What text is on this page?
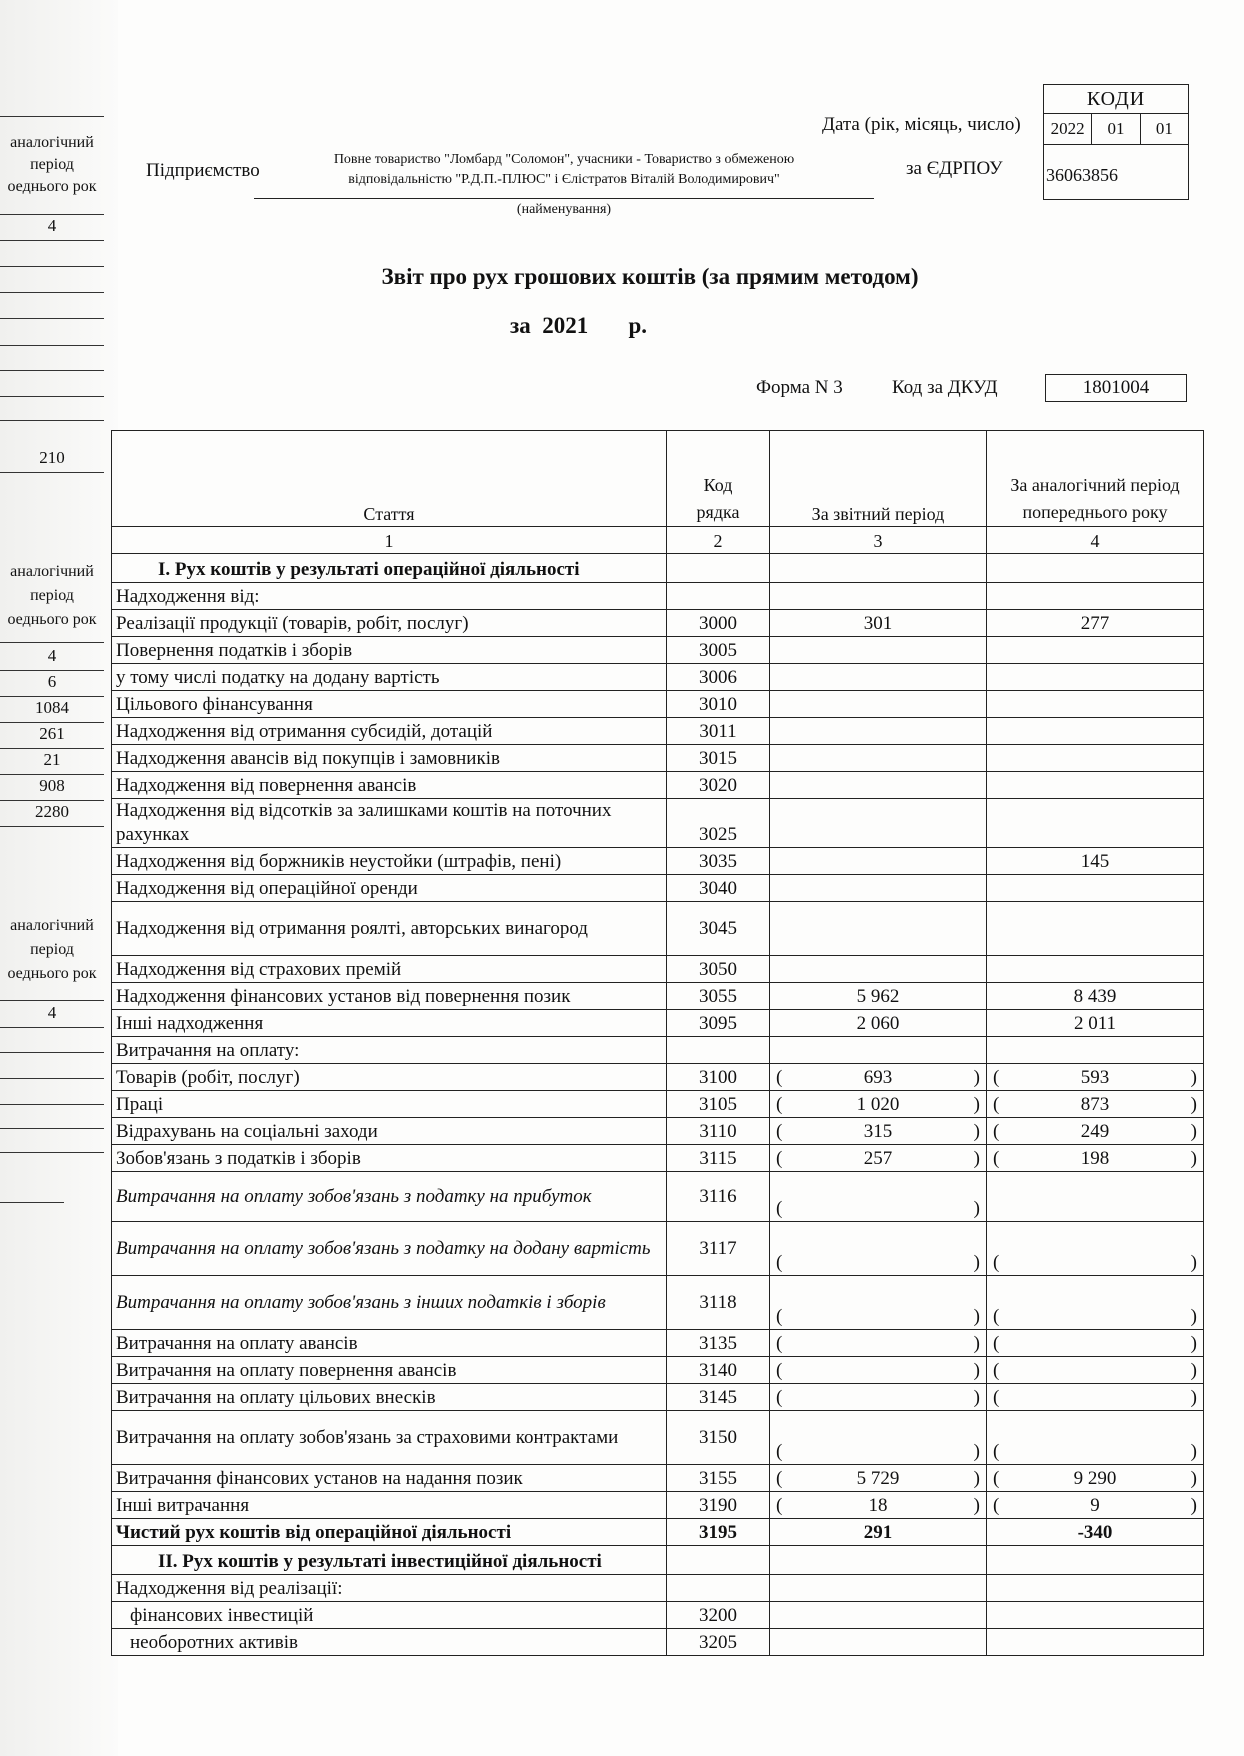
аналогічний
період
оеднього рок
4
210
аналогічний
період
оеднього рок
4
6
1084
261
21
908
2280
аналогічний
період
оеднього рок
4
КОДИ
2022	01	01
36063856
Дата (рік, місяць, число)
Підприємство
Повне товариство "Ломбард "Соломон", учасники - Товариство з обмеженою
відповідальністю "Р.Д.П.-ПЛЮС" і Єлістратов Віталій Володимирович"
(найменування)
за ЄДРПОУ
Звіт про рух грошових коштів (за прямим методом)
за 2021 р.
Форма N 3	Код за ДКУД	1801004
Стаття	Код рядка	За звітний період	За аналогічний період попереднього року
1	2	3	4
І. Рух коштів у результаті операційної діяльності			
Надходження від:			
Реалізації продукції (товарів, робіт, послуг)	3000	301	277
Повернення податків і зборів	3005		
у тому числі податку на додану вартість	3006		
Цільового фінансування	3010		
Надходження від отримання субсидій, дотацій	3011		
Надходження авансів від покупців і замовників	3015		
Надходження від повернення авансів	3020		
Надходження від відсотків за залишками коштів на поточних рахунках	3025		
Надходження від боржників неустойки (штрафів, пені)	3035		145
Надходження від операційної оренди	3040		
Надходження від отримання роялті, авторських винагород	3045		
Надходження від страхових премій	3050		
Надходження фінансових установ від повернення позик	3055	5 962	8 439
Інші надходження	3095	2 060	2 011
Витрачання на оплату:			
Товарів (робіт, послуг)	3100	( 693 )	( 593 )

Праці	3105	( 1 020 )	( 873 )

Відрахувань на соціальні заходи	3110	( 315 )	( 249 )

Зобов'язань з податків і зборів	3115	( 257 )	( 198 )

Витрачання на оплату зобов'язань з податку на прибуток	3116	( )	

Витрачання на оплату зобов'язань з податку на додану вартість	3117	( )	( )

Витрачання на оплату зобов'язань з інших податків і зборів	3118	( )	( )

Витрачання на оплату авансів	3135	( )	( )

Витрачання на оплату повернення авансів	3140	( )	( )

Витрачання на оплату цільових внесків	3145	( )	( )

Витрачання на оплату зобов'язань за страховими контрактами	3150	( )	( )

Витрачання фінансових установ на надання позик	3155	( 5 729 )	( 9 290 )

Інші витрачання	3190	( 18 )	( 9 )

Чистий рух коштів від операційної діяльності	3195	291	-340
ІІ. Рух коштів у результаті інвестиційної діяльності			
Надходження від реалізації:			
фінансових інвестицій	3200		
необоротних активів	3205		
